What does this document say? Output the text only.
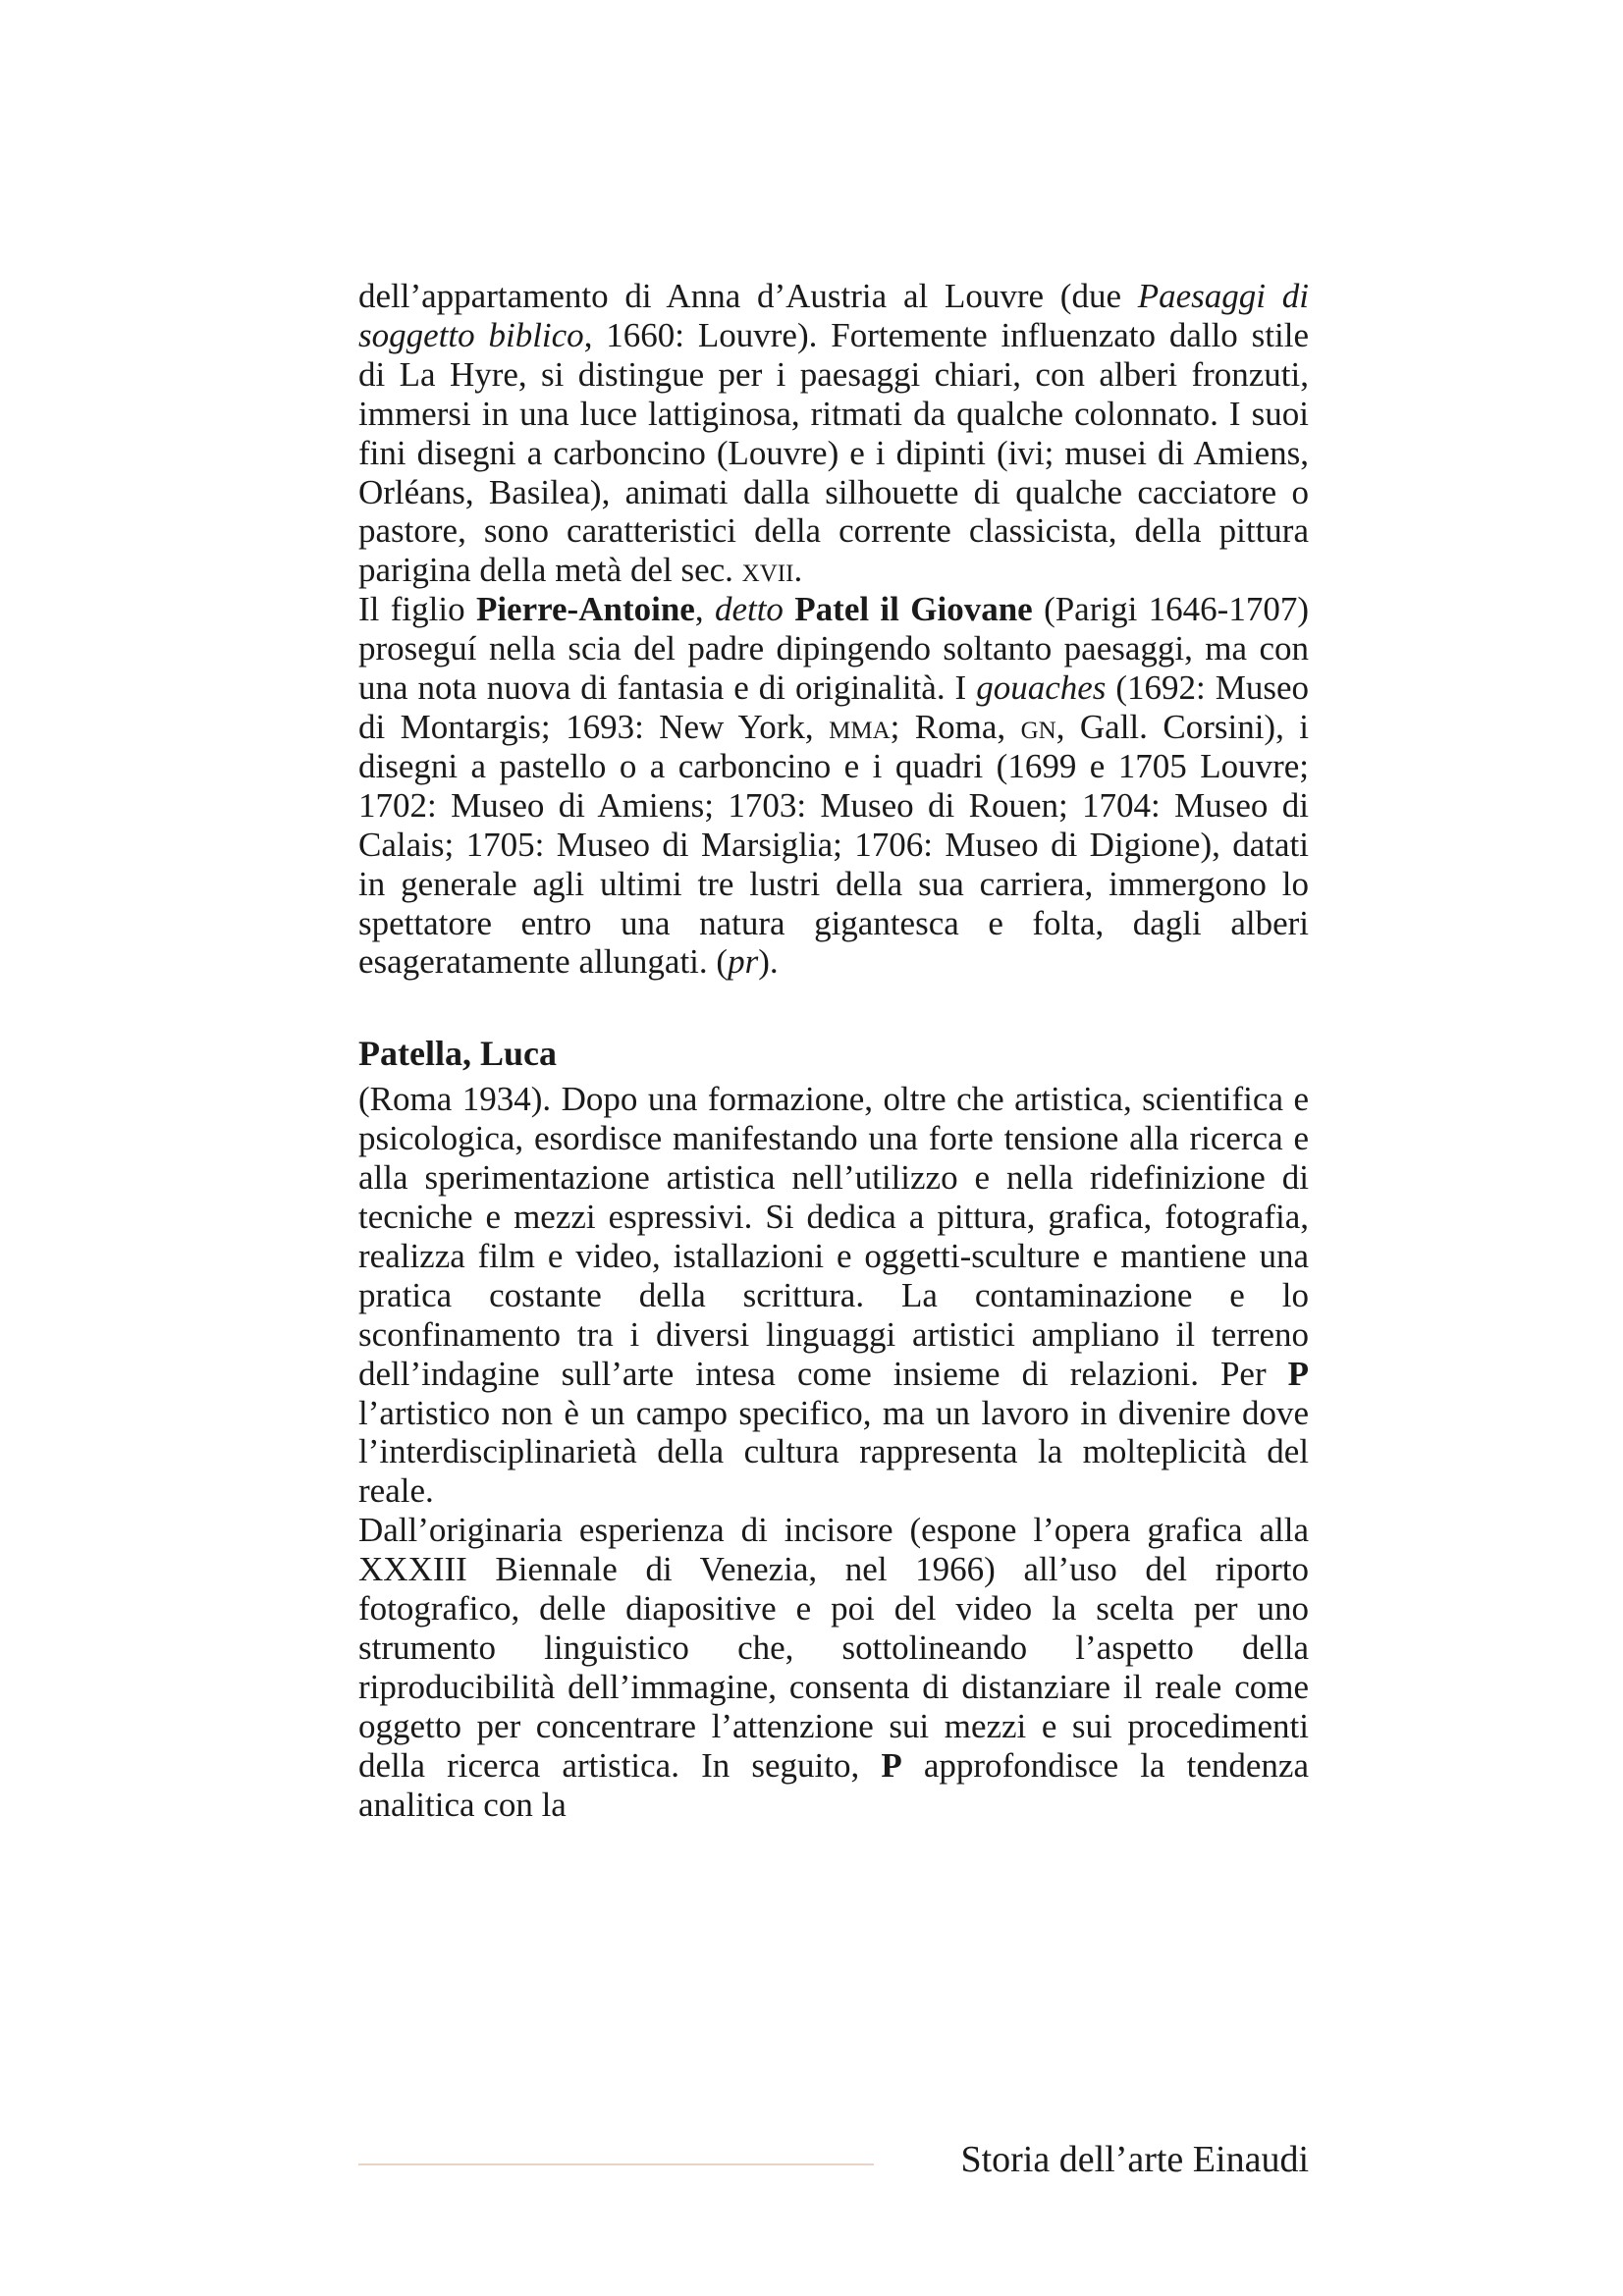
dell’appartamento di Anna d’Austria al Louvre (due Paesaggi di soggetto biblico, 1660: Louvre). Fortemente influenzato dallo stile di La Hyre, si distingue per i paesaggi chiari, con alberi fronzuti, immersi in una luce lattiginosa, ritmati da qualche colonnato. I suoi fini disegni a carboncino (Louvre) e i dipinti (ivi; musei di Amiens, Orléans, Basilea), animati dalla silhouette di qualche cacciatore o pastore, sono caratteristici della corrente classicista, della pittura parigina della metà del sec. xvii.

Il figlio Pierre-Antoine, detto Patel il Giovane (Parigi 1646-1707) proseguí nella scia del padre dipingendo soltanto paesaggi, ma con una nota nuova di fantasia e di originalità. I gouaches (1692: Museo di Montargis; 1693: New York, mma; Roma, gn, Gall. Corsini), i disegni a pastello o a carboncino e i quadri (1699 e 1705 Louvre; 1702: Museo di Amiens; 1703: Museo di Rouen; 1704: Museo di Calais; 1705: Museo di Marsiglia; 1706: Museo di Digione), datati in generale agli ultimi tre lustri della sua carriera, immergono lo spettatore entro una natura gigantesca e folta, dagli alberi esageratamente allungati. (pr).

Patella, Luca

(Roma 1934). Dopo una formazione, oltre che artistica, scientifica e psicologica, esordisce manifestando una forte tensione alla ricerca e alla sperimentazione artistica nell’utilizzo e nella ridefinizione di tecniche e mezzi espressivi. Si dedica a pittura, grafica, fotografia, realizza film e video, istallazioni e oggetti-sculture e mantiene una pratica costante della scrittura. La contaminazione e lo sconfinamento tra i diversi linguaggi artistici ampliano il terreno dell’indagine sull’arte intesa come insieme di relazioni. Per P l’artistico non è un campo specifico, ma un lavoro in divenire dove l’interdisciplinarietà della cultura rappresenta la molteplicità del reale.

Dall’originaria esperienza di incisore (espone l’opera grafica alla XXXIII Biennale di Venezia, nel 1966) all’uso del riporto fotografico, delle diapositive e poi del video la scelta per uno strumento linguistico che, sottolineando l’aspetto della riproducibilità dell’immagine, consenta di distanziare il reale come oggetto per concentrare l’attenzione sui mezzi e sui procedimenti della ricerca artistica. In seguito, P approfondisce la tendenza analitica con la

Storia dell’arte Einaudi
